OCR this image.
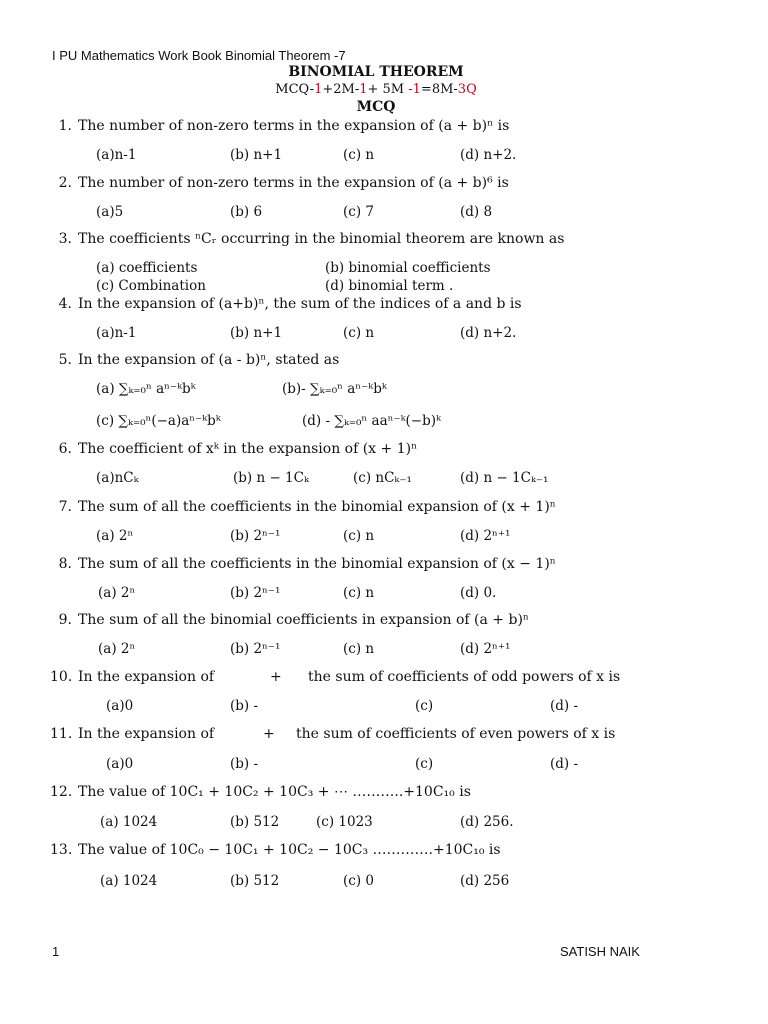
I PU Mathematics Work Book Binomial Theorem -7
BINOMIAL THEOREM
MCQ-1+2M-1+ 5M -1=8M-3Q
MCQ
1. The number of non-zero terms in the expansion of (a + b)ⁿ is
(a)n-1	(b) n+1	(c) n	(d) n+2.
2. The number of non-zero terms in the expansion of (a + b)⁶ is
(a)5	(b) 6	(c) 7	(d) 8
3. The coefficients ⁿCᵣ occurring in the binomial theorem are known as
(a) coefficients	(b) binomial coefficients
(c) Combination	(d) binomial term .
4. In the expansion of (a+b)ⁿ, the sum of the indices of a and b is
(a)n-1	(b) n+1	(c) n	(d) n+2.
5. In the expansion of (a - b)ⁿ, stated as
(a) ∑ₖ₌₀ⁿ aⁿ⁻ᵏbᵏ	(b)- ∑ₖ₌₀ⁿ aⁿ⁻ᵏbᵏ
(c) ∑ₖ₌₀ⁿ(−a)aⁿ⁻ᵏbᵏ	(d) - ∑ₖ₌₀ⁿ aaⁿ⁻ᵏ(−b)ᵏ
6. The coefficient of xᵏ in the expansion of (x + 1)ⁿ
(a)nCₖ	(b) n − 1Cₖ	(c) nCₖ₋₁	(d) n − 1Cₖ₋₁
7. The sum of all the coefficients in the binomial expansion of (x + 1)ⁿ
(a) 2ⁿ	(b) 2ⁿ⁻¹	(c) n	(d) 2ⁿ⁺¹
8. The sum of all the coefficients in the binomial expansion of (x − 1)ⁿ
(a) 2ⁿ	(b) 2ⁿ⁻¹	(c) n	(d) 0.
9. The sum of all the binomial coefficients in expansion of (a + b)ⁿ
(a) 2ⁿ	(b) 2ⁿ⁻¹	(c) n	(d) 2ⁿ⁺¹
10. In the expansion of	+ the sum of coefficients of odd powers of x is
(a)0	(b) -	(c)	(d) -
11. In the expansion of	+ the sum of coefficients of even powers of x is
(a)0	(b) -	(c)	(d) -
12. The value of 10C₁ + 10C₂ + 10C₃ + ⋯ ………..+10C₁₀ is
(a) 1024	(b) 512	(c) 1023	(d) 256.
13. The value of 10C₀ − 10C₁ + 10C₂ − 10C₃ ………….+10C₁₀ is
(a) 1024	(b) 512	(c) 0	(d) 256
1	SATISH NAIK
